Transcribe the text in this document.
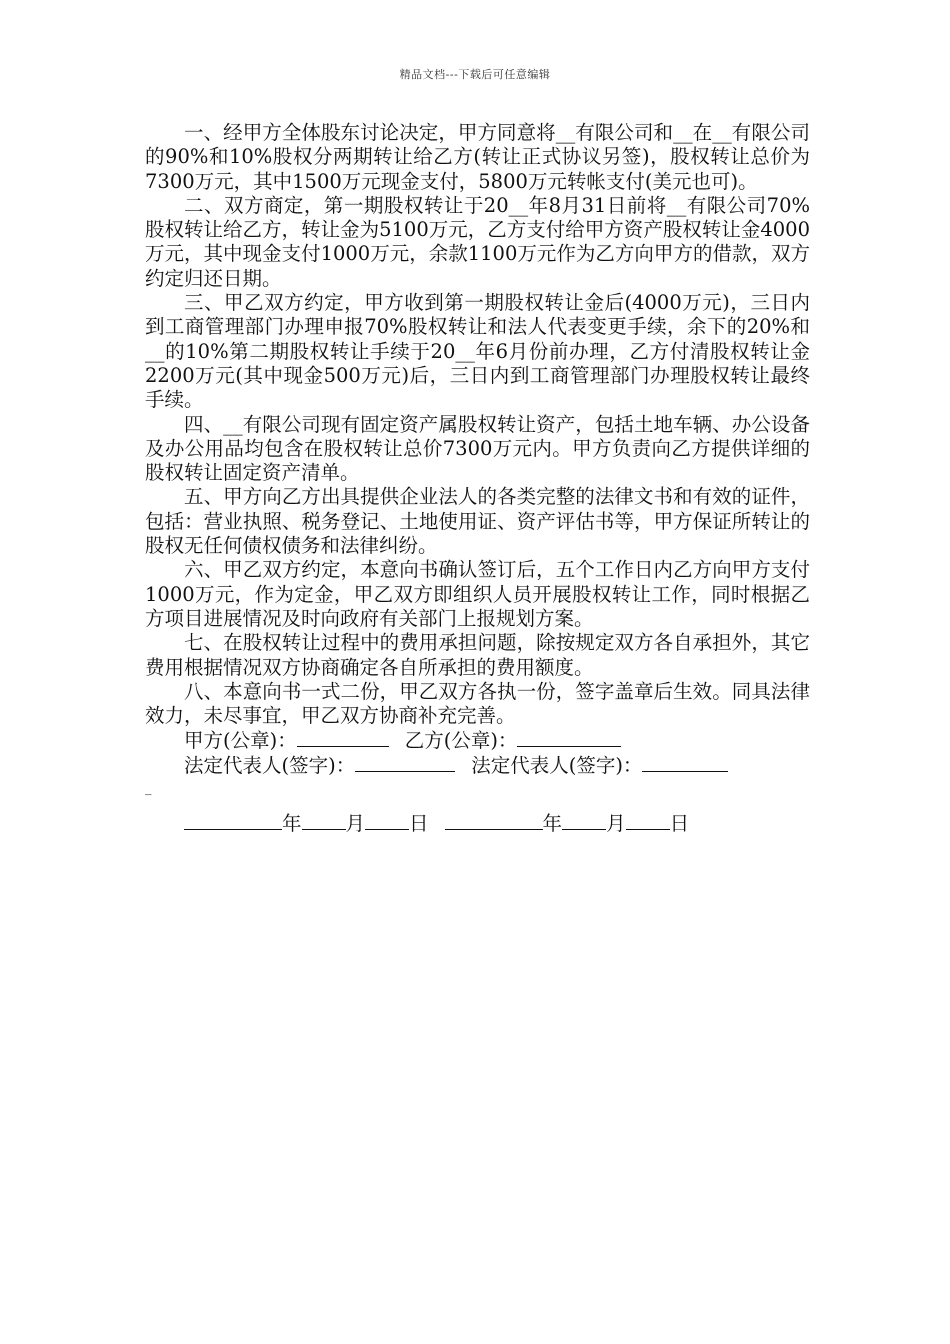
精品文档---下载后可任意编辑

一、经甲方全体股东讨论决定，甲方同意将__有限公司和__在__有限公司的90%和10%股权分两期转让给乙方(转让正式协议另签)，股权转让总价为7300万元，其中1500万元现金支付，5800万元转帐支付(美元也可)。

二、双方商定，第一期股权转让于20__年8月31日前将__有限公司70%股权转让给乙方，转让金为5100万元，乙方支付给甲方资产股权转让金4000万元，其中现金支付1000万元，余款1100万元作为乙方向甲方的借款，双方约定归还日期。

三、甲乙双方约定，甲方收到第一期股权转让金后(4000万元)，三日内到工商管理部门办理申报70%股权转让和法人代表变更手续，余下的20%和__的10%第二期股权转让手续于20__年6月份前办理，乙方付清股权转让金2200万元(其中现金500万元)后，三日内到工商管理部门办理股权转让最终手续。

四、__有限公司现有固定资产属股权转让资产，包括土地车辆、办公设备及办公用品均包含在股权转让总价7300万元内。甲方负责向乙方提供详细的股权转让固定资产清单。

五、甲方向乙方出具提供企业法人的各类完整的法律文书和有效的证件，包括：营业执照、税务登记、土地使用证、资产评估书等，甲方保证所转让的股权无任何债权债务和法律纠纷。

六、甲乙双方约定，本意向书确认签订后，五个工作日内乙方向甲方支付1000万元，作为定金，甲乙双方即组织人员开展股权转让工作，同时根据乙方项目进展情况及时向政府有关部门上报规划方案。

七、在股权转让过程中的费用承担问题，除按规定双方各自承担外，其它费用根据情况双方协商确定各自所承担的费用额度。

八、本意向书一式二份，甲乙双方各执一份，签字盖章后生效。同具法律效力，未尽事宜，甲乙双方协商补充完善。

甲方(公章)：	乙方(公章)：
法定代表人(签字)：	法定代表人(签字)：
_
年 月 日	年 月 日
